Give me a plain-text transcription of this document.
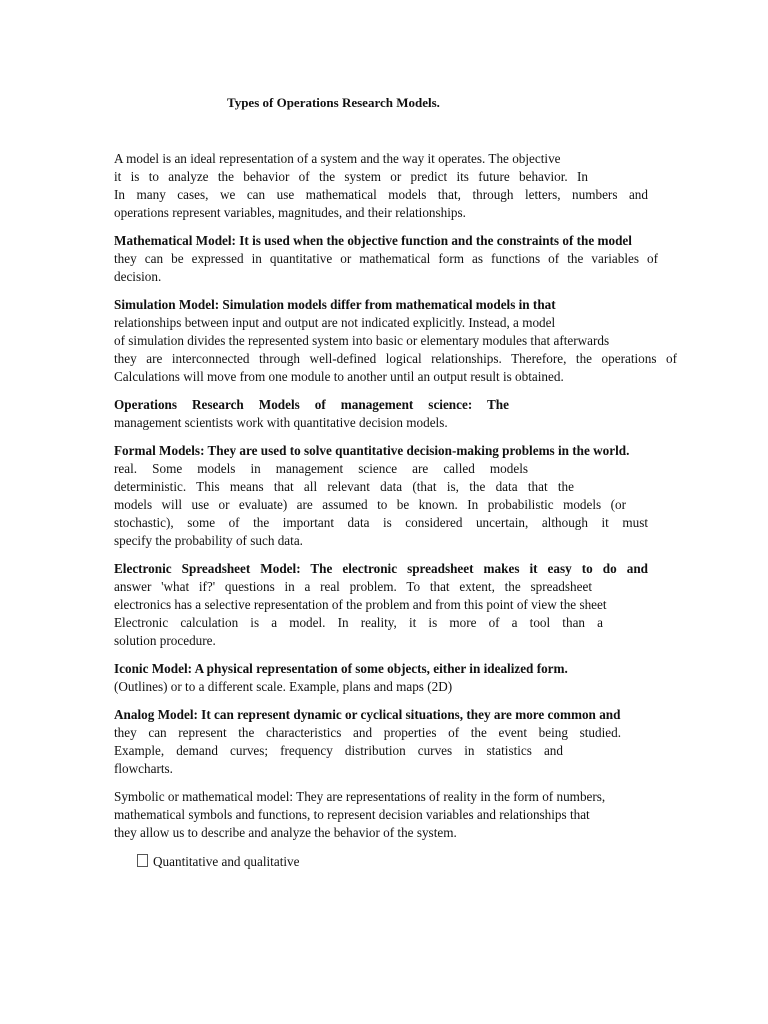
Types of Operations Research Models.
A model is an ideal representation of a system and the way it operates. The objective
it is to analyze the behavior of the system or predict its future behavior. In
In many cases, we can use mathematical models that, through letters, numbers and
operations represent variables, magnitudes, and their relationships.
Mathematical Model: It is used when the objective function and the constraints of the model
they can be expressed in quantitative or mathematical form as functions of the variables of
decision.
Simulation Model: Simulation models differ from mathematical models in that
relationships between input and output are not indicated explicitly. Instead, a model
of simulation divides the represented system into basic or elementary modules that afterwards
they are interconnected through well-defined logical relationships. Therefore, the operations of
Calculations will move from one module to another until an output result is obtained.
Operations Research Models of management science: The
management scientists work with quantitative decision models.
Formal Models: They are used to solve quantitative decision-making problems in the world.
real. Some models in management science are called models
deterministic. This means that all relevant data (that is, the data that the
models will use or evaluate) are assumed to be known. In probabilistic models (or
stochastic), some of the important data is considered uncertain, although it must
specify the probability of such data.
Electronic Spreadsheet Model: The electronic spreadsheet makes it easy to do and
answer 'what if?' questions in a real problem. To that extent, the spreadsheet
electronics has a selective representation of the problem and from this point of view the sheet
Electronic calculation is a model. In reality, it is more of a tool than a
solution procedure.
Iconic Model: A physical representation of some objects, either in idealized form.
(Outlines) or to a different scale. Example, plans and maps (2D)
Analog Model: It can represent dynamic or cyclical situations, they are more common and
they can represent the characteristics and properties of the event being studied.
Example, demand curves; frequency distribution curves in statistics and
flowcharts.
Symbolic or mathematical model: They are representations of reality in the form of numbers,
mathematical symbols and functions, to represent decision variables and relationships that
they allow us to describe and analyze the behavior of the system.
Quantitative and qualitative
